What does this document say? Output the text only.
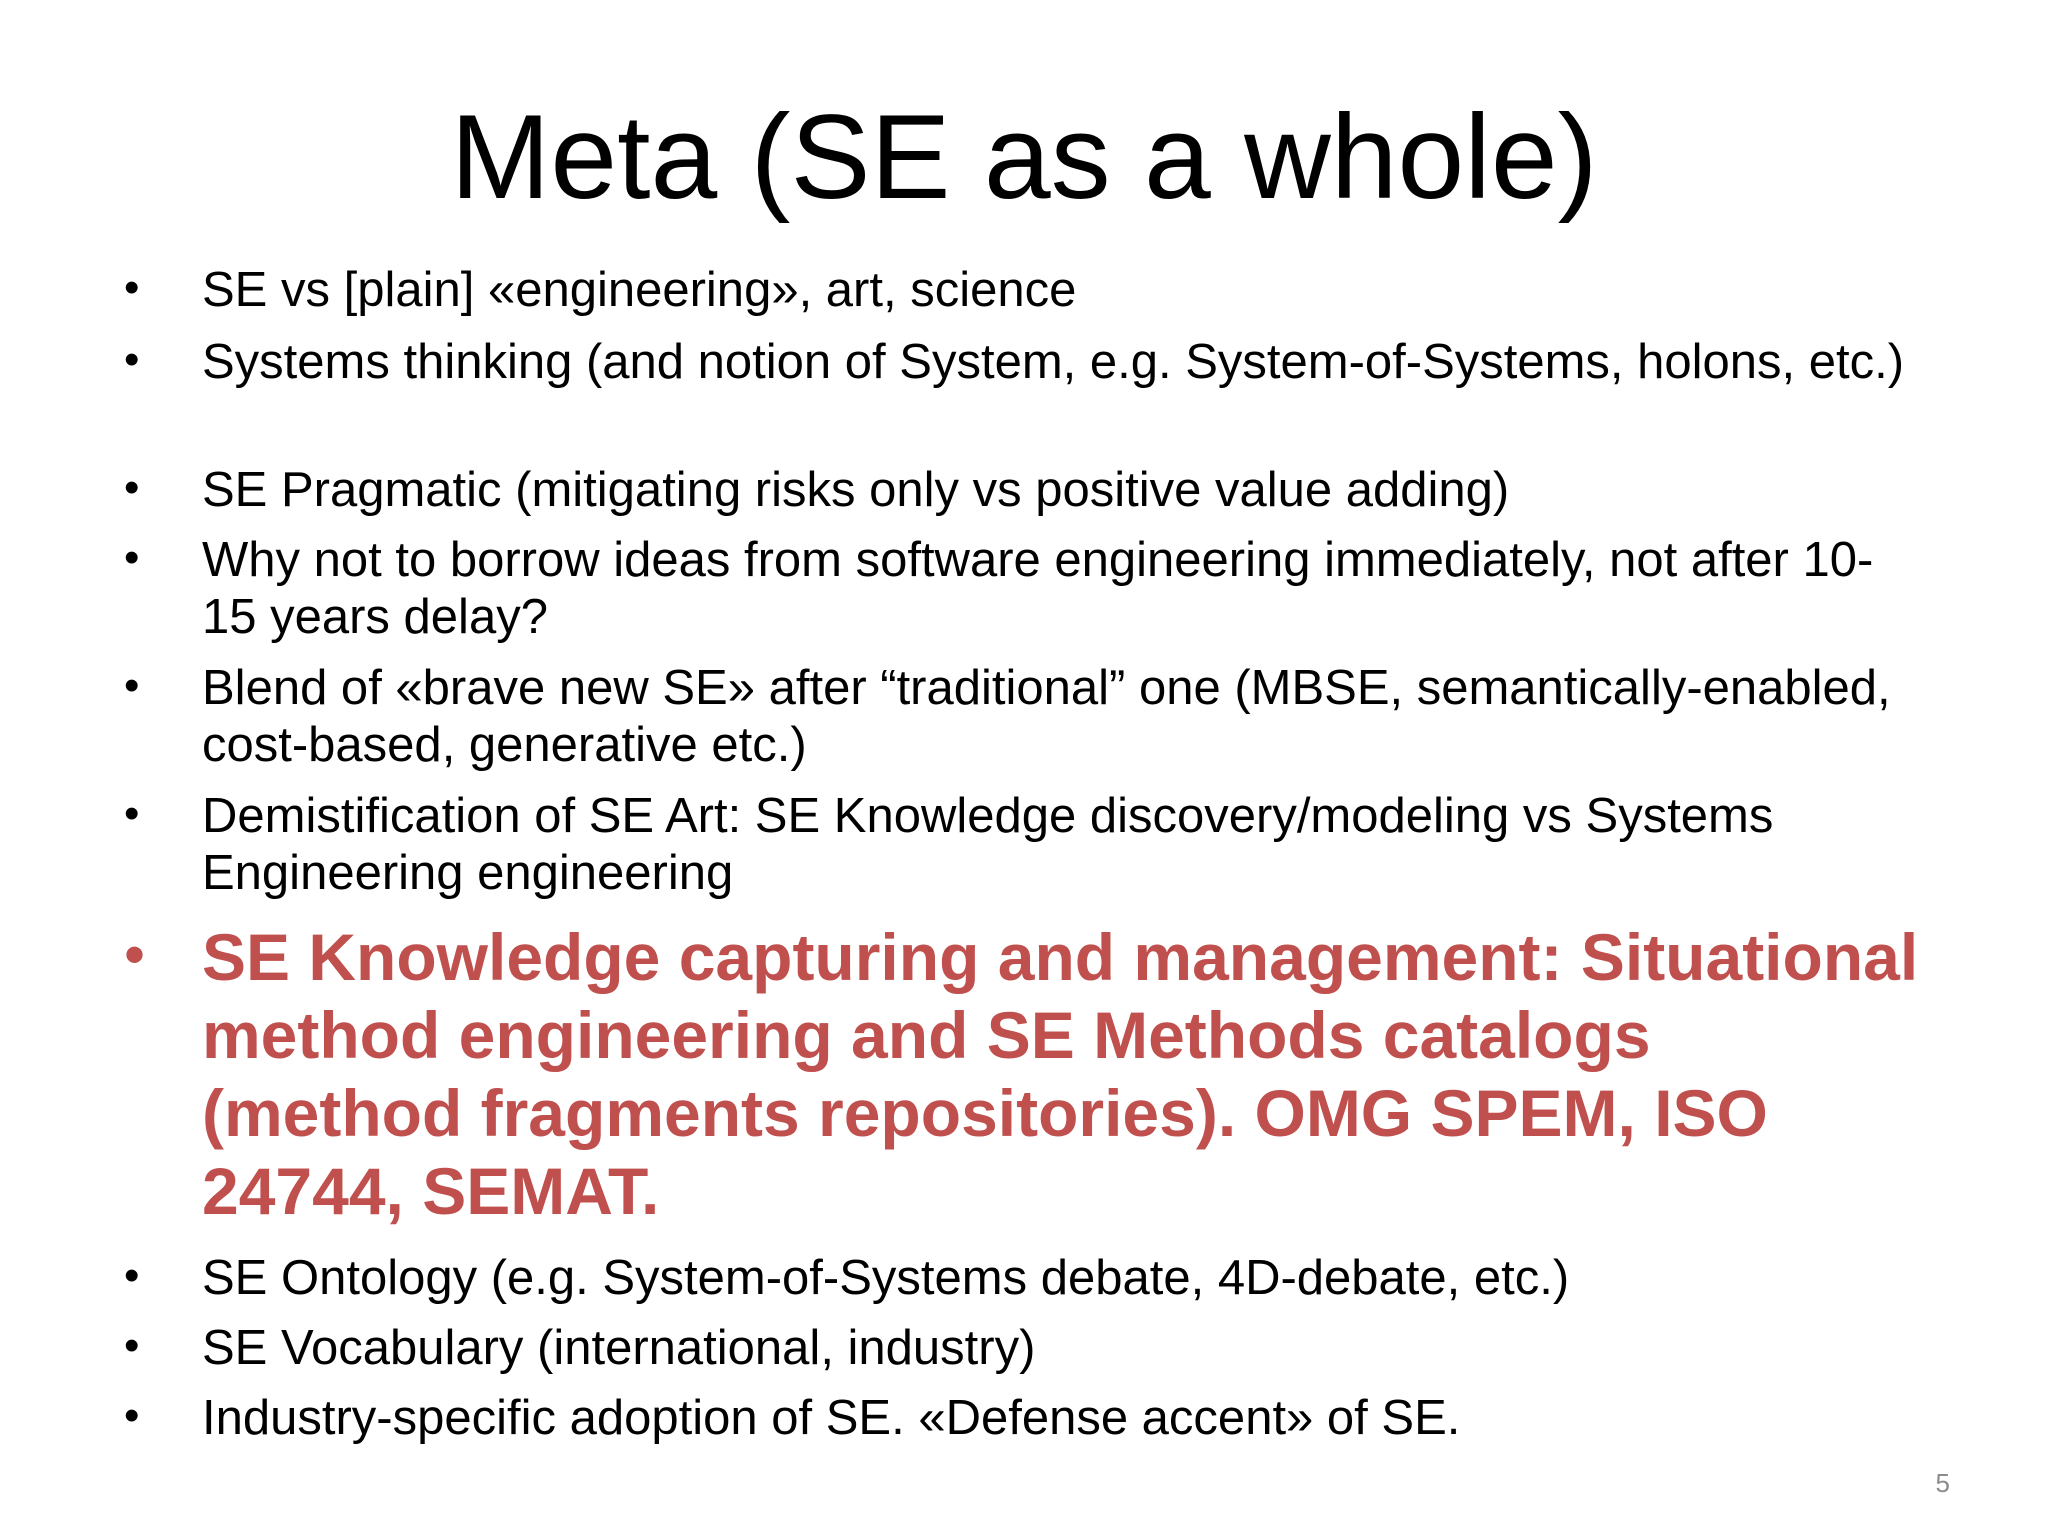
Meta (SE as a whole)
• SE vs [plain] «engineering», art, science

• Systems thinking (and notion of System, e.g. System-of-Systems, holons, etc.)

• SE Pragmatic (mitigating risks only vs positive value adding)

• Why not to borrow ideas from software engineering immediately, not after 10-15 years delay?

• Blend of «brave new SE» after “traditional” one (MBSE, semantically-enabled, cost-based, generative etc.)

• Demistification of SE Art: SE Knowledge discovery/modeling vs Systems Engineering engineering

• SE Knowledge capturing and management: Situational method engineering and SE Methods catalogs (method fragments repositories). OMG SPEM, ISO 24744, SEMAT.

• SE Ontology (e.g. System-of-Systems debate, 4D-debate, etc.)

• SE Vocabulary (international, industry)

• Industry-specific adoption of SE. «Defense accent» of SE.

5
